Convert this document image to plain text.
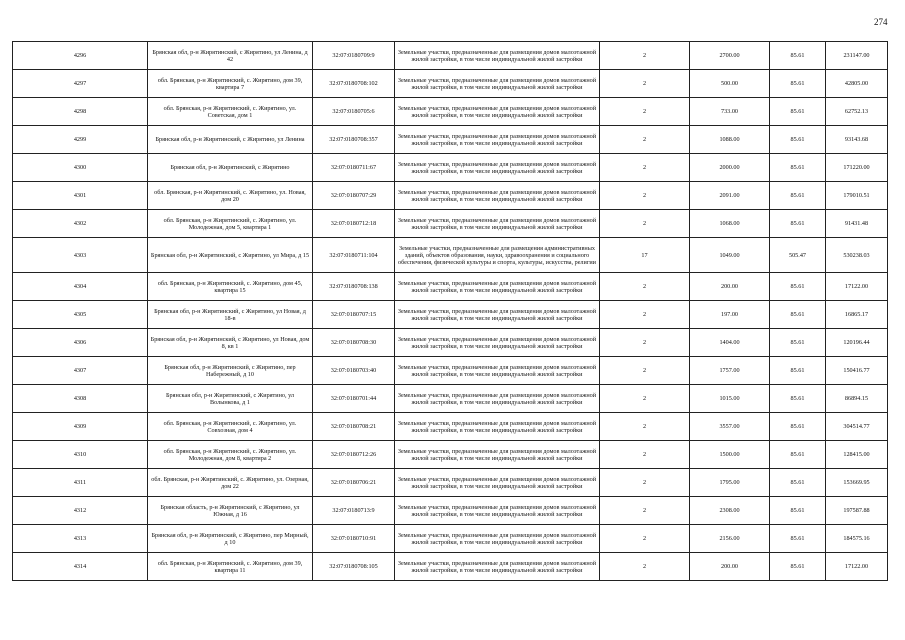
274
4296	Брянская обл, р-н Жирятинский, с Жирятино, ул Ленина, д 42	32:07:0180709:9	Земельные участки, предназначенные для размещения домов малоэтажной жилой застройки, в том числе индивидуальной жилой застройки	2	2700.00	85.61	231147.00
4297	обл. Брянская, р-н Жирятинский, с. Жирятино, дом 39, квартира 7	32:07:0180708:102	Земельные участки, предназначенные для размещения домов малоэтажной жилой застройки, в том числе индивидуальной жилой застройки	2	500.00	85.61	42805.00
4298	обл. Брянская, р-н Жирятинский, с. Жирятино, ул. Советская, дом 1	32:07:0180705:6	Земельные участки, предназначенные для размещения домов малоэтажной жилой застройки, в том числе индивидуальной жилой застройки	2	733.00	85.61	62752.13
4299	Брянская обл, р-н Жирятинский, с Жирятино, ул Ленина	32:07:0180708:357	Земельные участки, предназначенные для размещения домов малоэтажной жилой застройки, в том числе индивидуальной жилой застройки	2	1088.00	85.61	93143.68
4300	Брянская обл, р-н Жирятинский, с Жирятино	32:07:0180711:67	Земельные участки, предназначенные для размещения домов малоэтажной жилой застройки, в том числе индивидуальной жилой застройки	2	2000.00	85.61	171220.00
4301	обл. Брянская, р-н Жирятинский, с. Жирятино, ул. Новая, дом 20	32:07:0180707:29	Земельные участки, предназначенные для размещения домов малоэтажной жилой застройки, в том числе индивидуальной жилой застройки	2	2091.00	85.61	179010.51
4302	обл. Брянская, р-н Жирятинский, с. Жирятино, ул. Молодежная, дом 5, квартира 1	32:07:0180712:18	Земельные участки, предназначенные для размещения домов малоэтажной жилой застройки, в том числе индивидуальной жилой застройки	2	1068.00	85.61	91431.48
4303	Брянская обл, р-н Жирятинский, с Жирятино, ул Мира, д 15	32:07:0180711:104	Земельные участки, предназначенные для размещения административных зданий, объектов образования, науки, здравоохранения и социального обеспечения, физической культуры и спорта, культуры, искусства, религии	17	1049.00	505.47	530238.03
4304	обл. Брянская, р-н Жирятинский, с. Жирятино, дом 45, квартира 15	32:07:0180708:138	Земельные участки, предназначенные для размещения домов малоэтажной жилой застройки, в том числе индивидуальной жилой застройки	2	200.00	85.61	17122.00
4305	Брянская обл, р-н Жирятинский, с Жирятино, ул Новая, д 18-в	32:07:0180707:15	Земельные участки, предназначенные для размещения домов малоэтажной жилой застройки, в том числе индивидуальной жилой застройки	2	197.00	85.61	16865.17
4306	Брянская обл, р-н Жирятинский, с Жирятино, ул Новая, дом 8, кв 1	32:07:0180708:30	Земельные участки, предназначенные для размещения домов малоэтажной жилой застройки, в том числе индивидуальной жилой застройки	2	1404.00	85.61	120196.44
4307	Брянская обл, р-н Жирятинский, с Жирятино, пер Набережный, д 10	32:07:0180703:40	Земельные участки, предназначенные для размещения домов малоэтажной жилой застройки, в том числе индивидуальной жилой застройки	2	1757.00	85.61	150416.77
4308	Брянская обл, р-н Жирятинский, с Жирятино, ул Волынкова, д 1	32:07:0180701:44	Земельные участки, предназначенные для размещения домов малоэтажной жилой застройки, в том числе индивидуальной жилой застройки	2	1015.00	85.61	86894.15
4309	обл. Брянская, р-н Жирятинский, с. Жирятино, ул. Совхозная, дом 4	32:07:0180708:21	Земельные участки, предназначенные для размещения домов малоэтажной жилой застройки, в том числе индивидуальной жилой застройки	2	3557.00	85.61	304514.77
4310	обл. Брянская, р-н Жирятинский, с. Жирятино, ул. Молодежная, дом 8, квартира 2	32:07:0180712:26	Земельные участки, предназначенные для размещения домов малоэтажной жилой застройки, в том числе индивидуальной жилой застройки	2	1500.00	85.61	128415.00
4311	обл. Брянская, р-н Жирятинский, с. Жирятино, ул. Озерная, дом 22	32:07:0180706:21	Земельные участки, предназначенные для размещения домов малоэтажной жилой застройки, в том числе индивидуальной жилой застройки	2	1795.00	85.61	153669.95
4312	Брянская область, р-н Жирятинский, с Жирятино, ул Южная, д 16	32:07:0180713:9	Земельные участки, предназначенные для размещения домов малоэтажной жилой застройки, в том числе индивидуальной жилой застройки	2	2308.00	85.61	197587.88
4313	Брянская обл, р-н Жирятинский, с Жирятино, пер Мирный, д 10	32:07:0180710:91	Земельные участки, предназначенные для размещения домов малоэтажной жилой застройки, в том числе индивидуальной жилой застройки	2	2156.00	85.61	184575.16
4314	обл. Брянская, р-н Жирятинский, с. Жирятино, дом 39, квартира 11	32:07:0180708:105	Земельные участки, предназначенные для размещения домов малоэтажной жилой застройки, в том числе индивидуальной жилой застройки	2	200.00	85.61	17122.00
